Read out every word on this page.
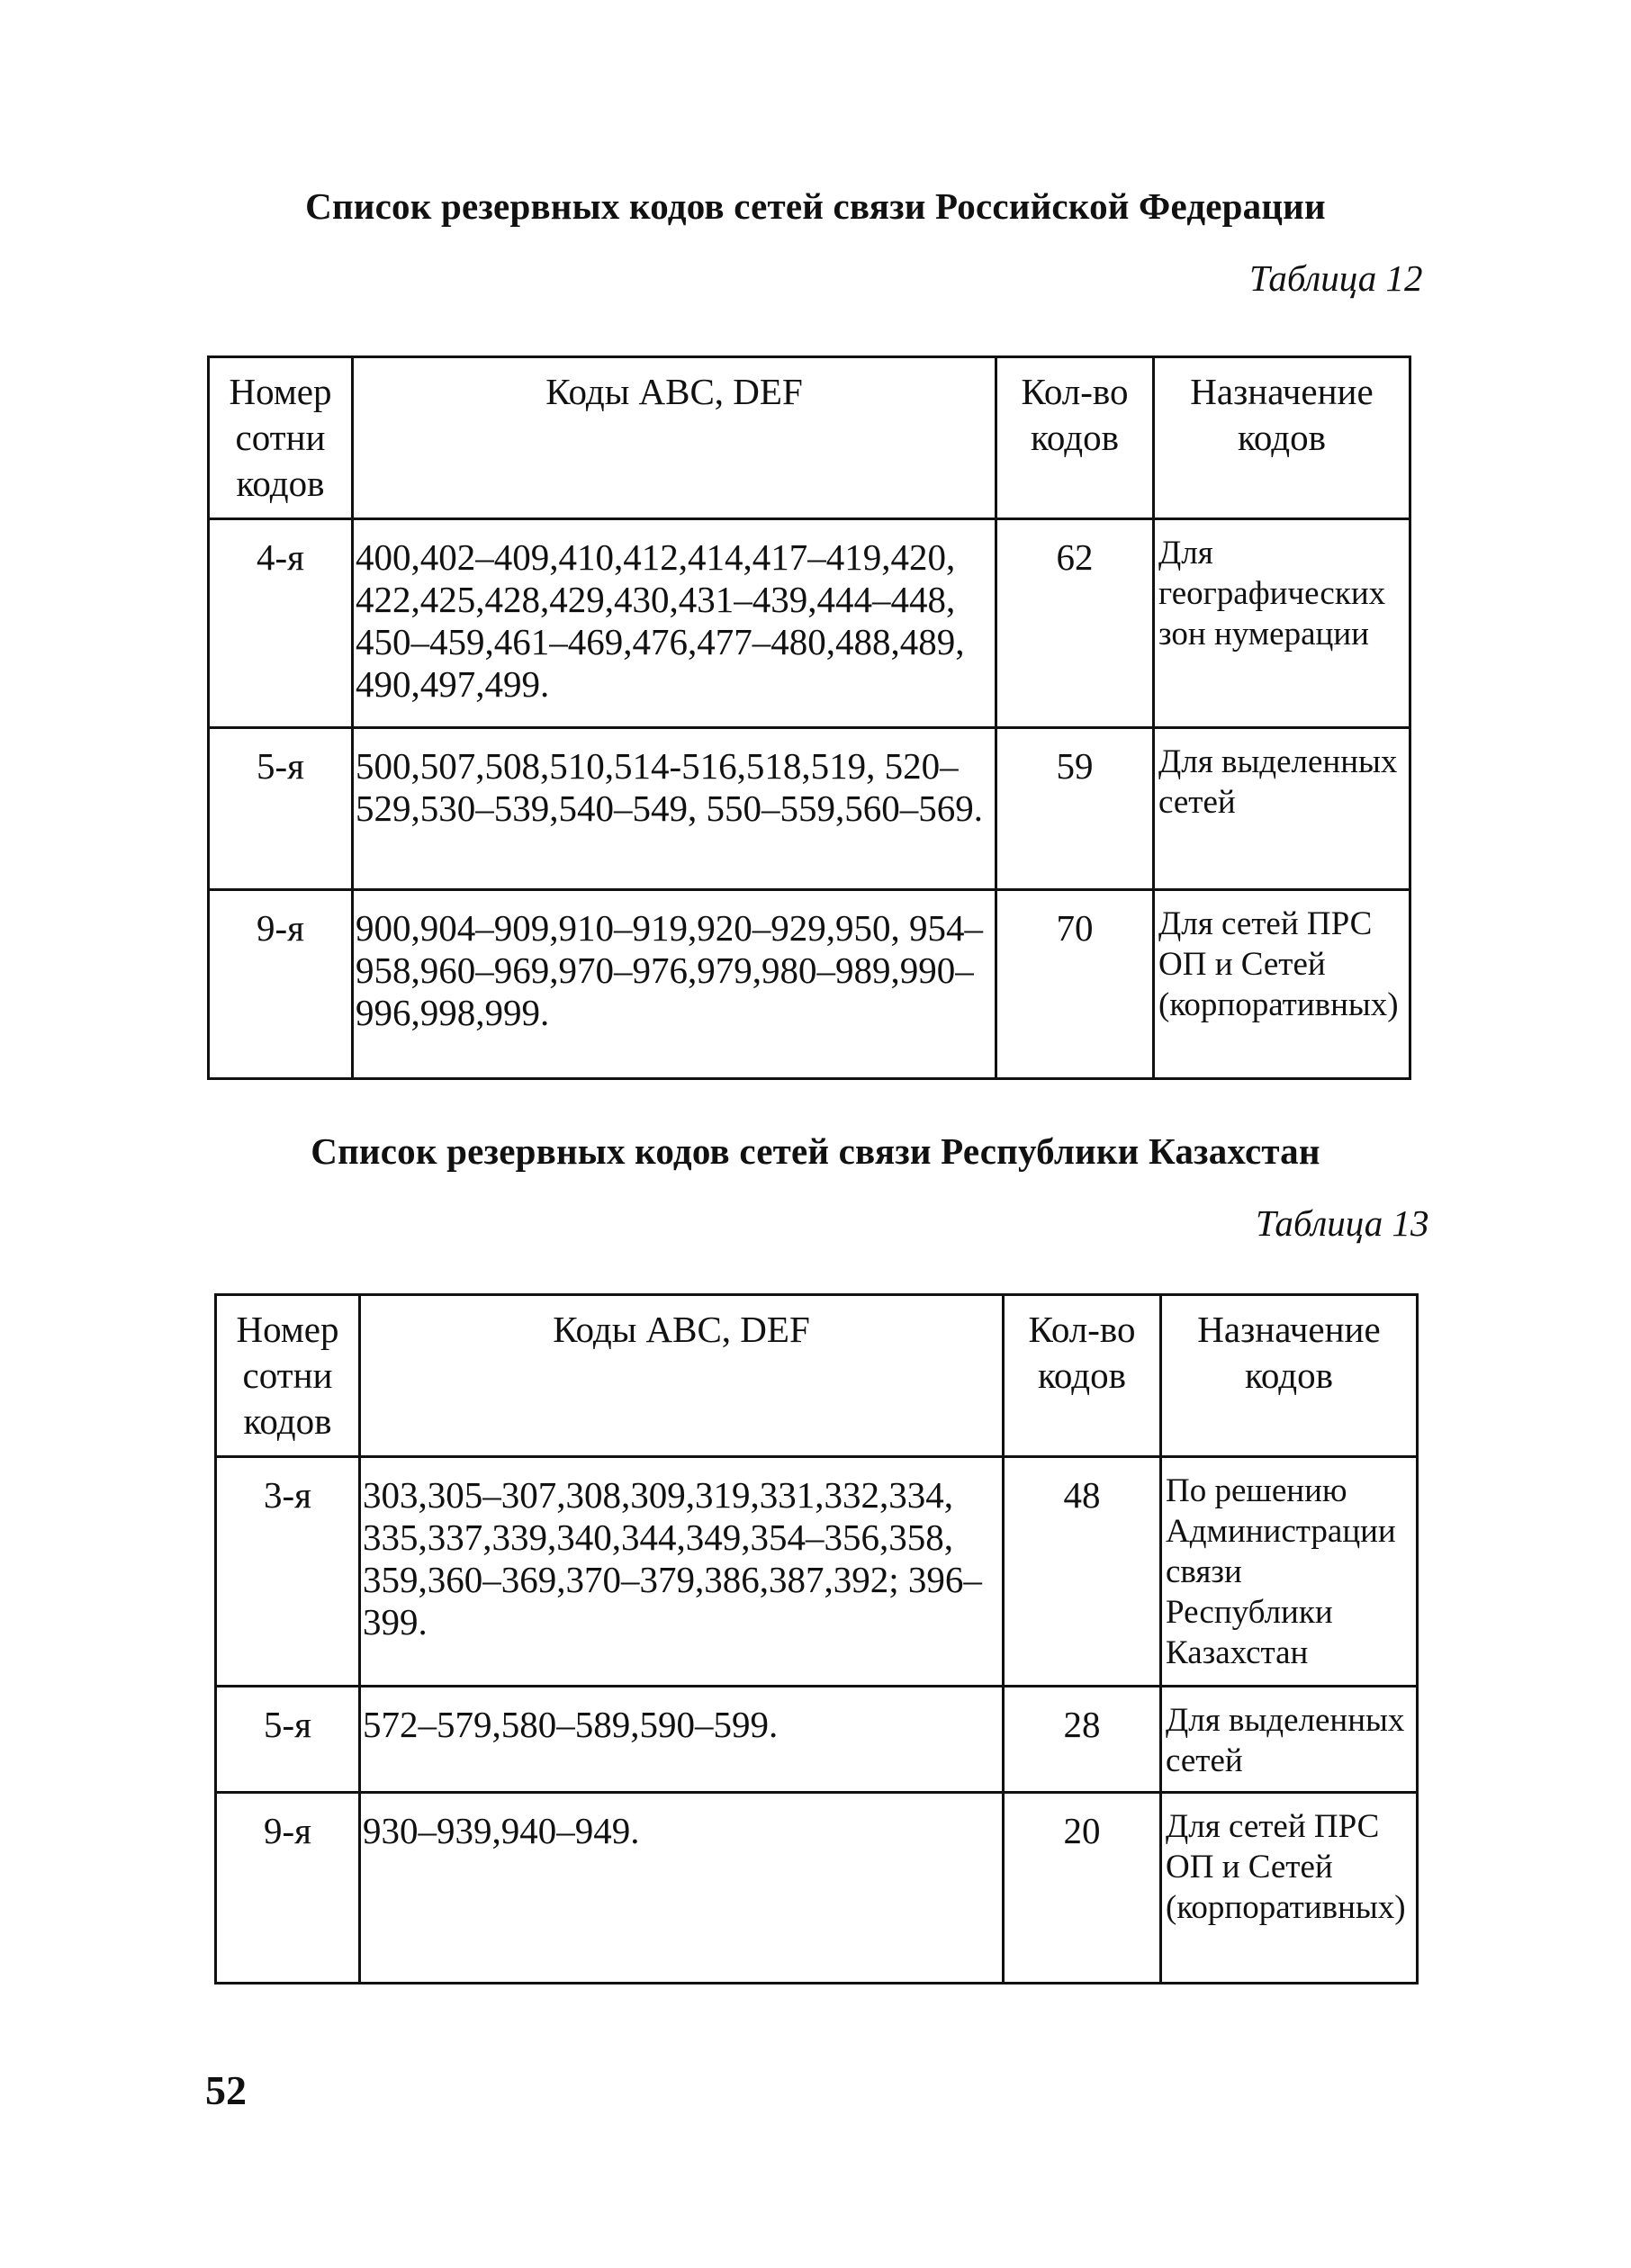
Список резервных кодов сетей связи Российской Федерации
Таблица 12
Номер сотни кодов	Коды ABC, DEF	Кол-во кодов	Назначение кодов
4-я	400,402–409,410,412,414,417–419,420, 422,425,428,429,430,431–439,444–448, 450–459,461–469,476,477–480,488,489, 490,497,499.	62	Для географических зон нумерации
5-я	500,507,508,510,514-516,518,519, 520–529,530–539,540–549, 550–559,560–569.	59	Для выделенных сетей
9-я	900,904–909,910–919,920–929,950, 954–958,960–969,970–976,979,980–989,990–996,998,999.	70	Для сетей ПРС ОП и Сетей (корпоративных)
Список резервных кодов сетей связи Республики Казахстан
Таблица 13
Номер сотни кодов	Коды ABC, DEF	Кол-во кодов	Назначение кодов
3-я	303,305–307,308,309,319,331,332,334, 335,337,339,340,344,349,354–356,358, 359,360–369,370–379,386,387,392; 396–399.	48	По решению Администрации связи Республики Казахстан
5-я	572–579,580–589,590–599.	28	Для выделенных сетей
9-я	930–939,940–949.	20	Для сетей ПРС ОП и Сетей (корпоративных)
52
